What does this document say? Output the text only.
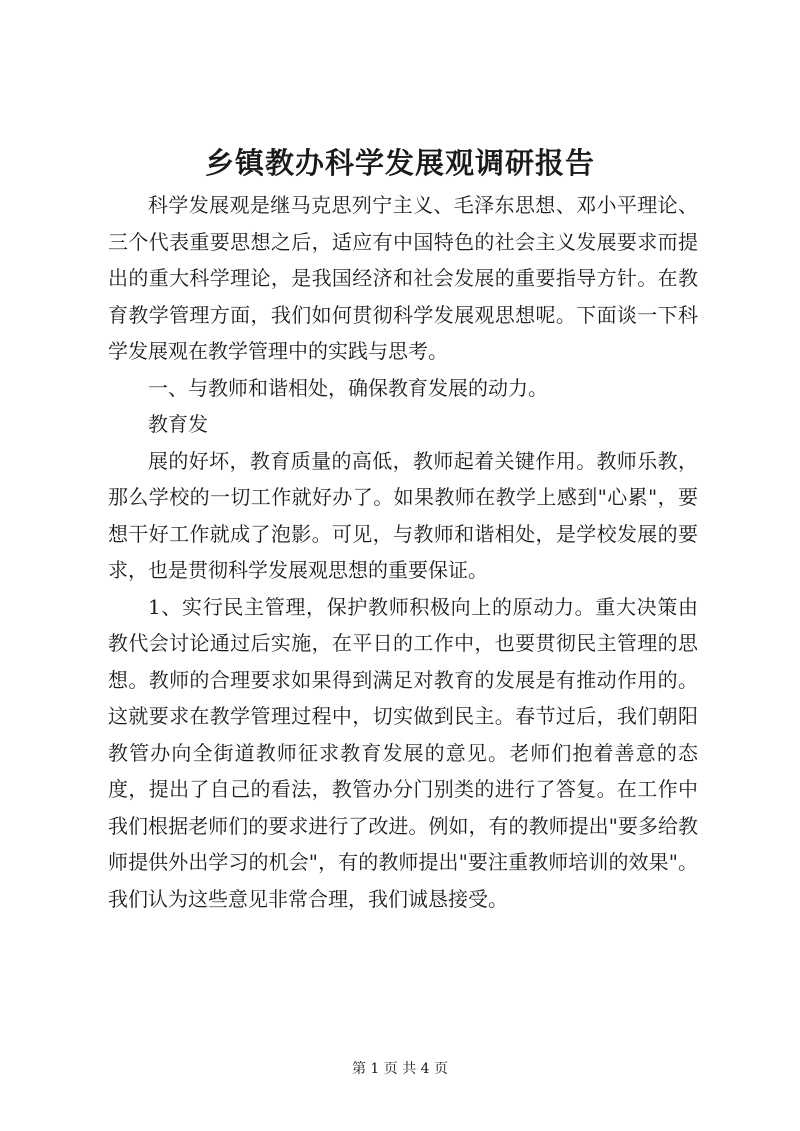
乡镇教办科学发展观调研报告

科学发展观是继马克思列宁主义、毛泽东思想、邓小平理论、三个代表重要思想之后，适应有中国特色的社会主义发展要求而提出的重大科学理论，是我国经济和社会发展的重要指导方针。在教育教学管理方面，我们如何贯彻科学发展观思想呢。下面谈一下科学发展观在教学管理中的实践与思考。

一、与教师和谐相处，确保教育发展的动力。

教育发

展的好坏，教育质量的高低，教师起着关键作用。教师乐教，那么学校的一切工作就好办了。如果教师在教学上感到"心累"，要想干好工作就成了泡影。可见，与教师和谐相处，是学校发展的要求，也是贯彻科学发展观思想的重要保证。

1、实行民主管理，保护教师积极向上的原动力。重大决策由教代会讨论通过后实施，在平日的工作中，也要贯彻民主管理的思想。教师的合理要求如果得到满足对教育的发展是有推动作用的。这就要求在教学管理过程中，切实做到民主。春节过后，我们朝阳教管办向全街道教师征求教育发展的意见。老师们抱着善意的态度，提出了自己的看法，教管办分门别类的进行了答复。在工作中我们根据老师们的要求进行了改进。例如，有的教师提出"要多给教师提供外出学习的机会"，有的教师提出"要注重教师培训的效果"。我们认为这些意见非常合理，我们诚恳接受。

第 1 页 共 4 页
